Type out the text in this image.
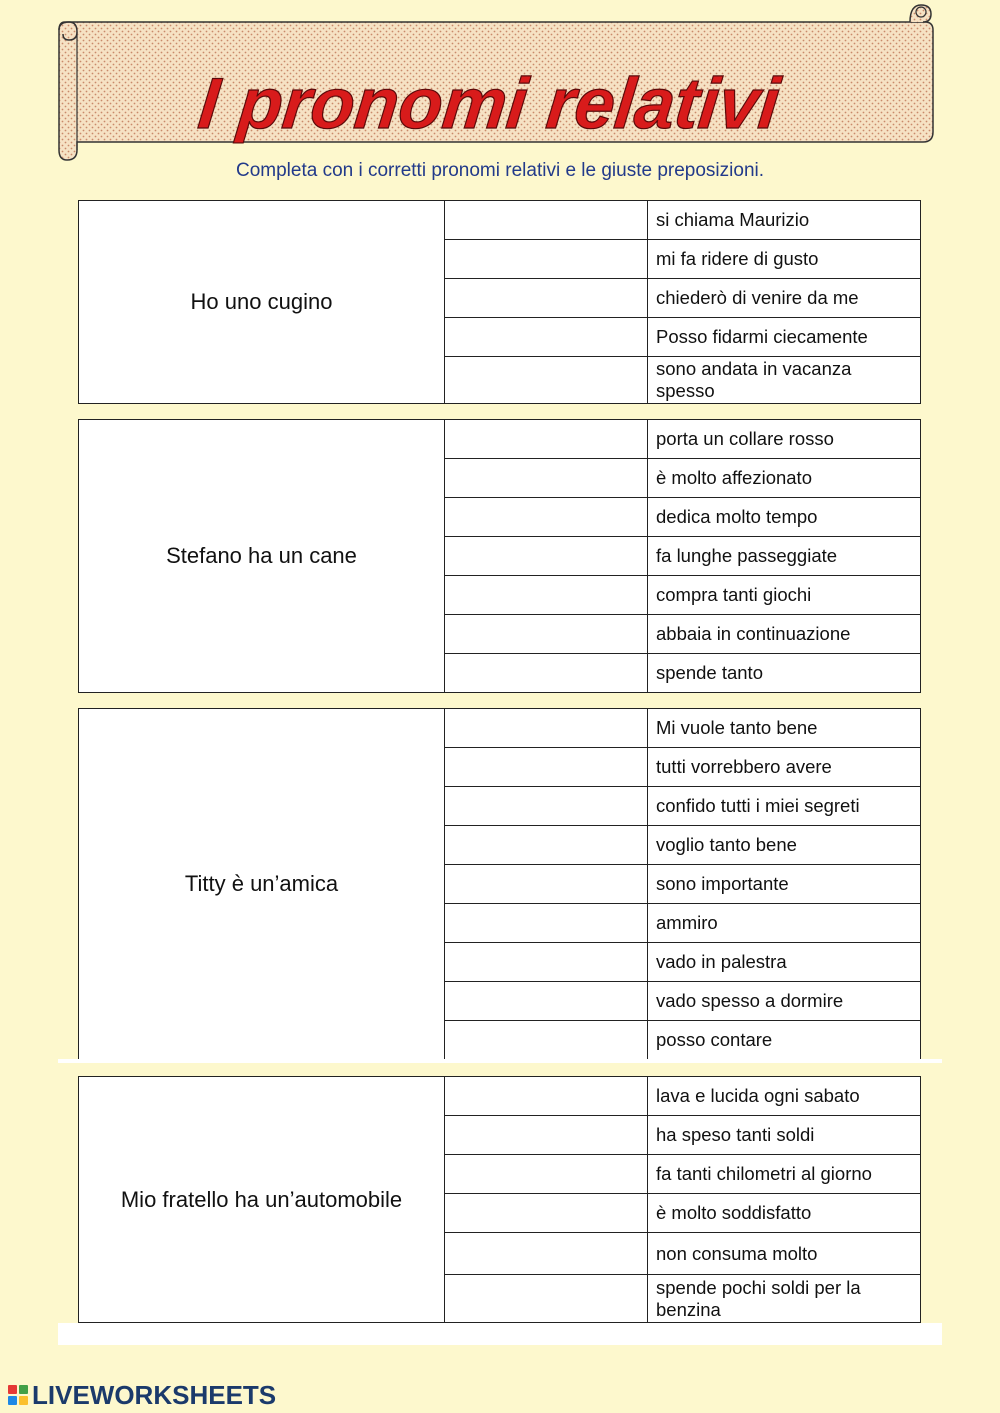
I pronomi relativi
Completa con i corretti pronomi relativi e le giuste preposizioni.
Ho uno cugino		si chiama Maurizio
		mi fa ridere di gusto
		chiederò di venire da me
		Posso fidarmi ciecamente
		sono andata in vacanza spesso
Stefano ha un cane		porta un collare rosso
		è molto affezionato
		dedica molto tempo
		fa lunghe passeggiate
		compra tanti giochi
		abbaia in continuazione
		spende tanto
Titty è un’amica		Mi vuole tanto bene
		tutti vorrebbero avere
		confido tutti i miei segreti
		voglio tanto bene
		sono importante
		ammiro
		vado in palestra
		vado spesso a dormire
		posso contare
Mio fratello ha un’automobile		lava e lucida ogni sabato
		ha speso tanti soldi
		fa tanti chilometri al giorno
		è molto soddisfatto
		non consuma molto
		spende pochi soldi per la benzina
LIVEWORKSHEETS
